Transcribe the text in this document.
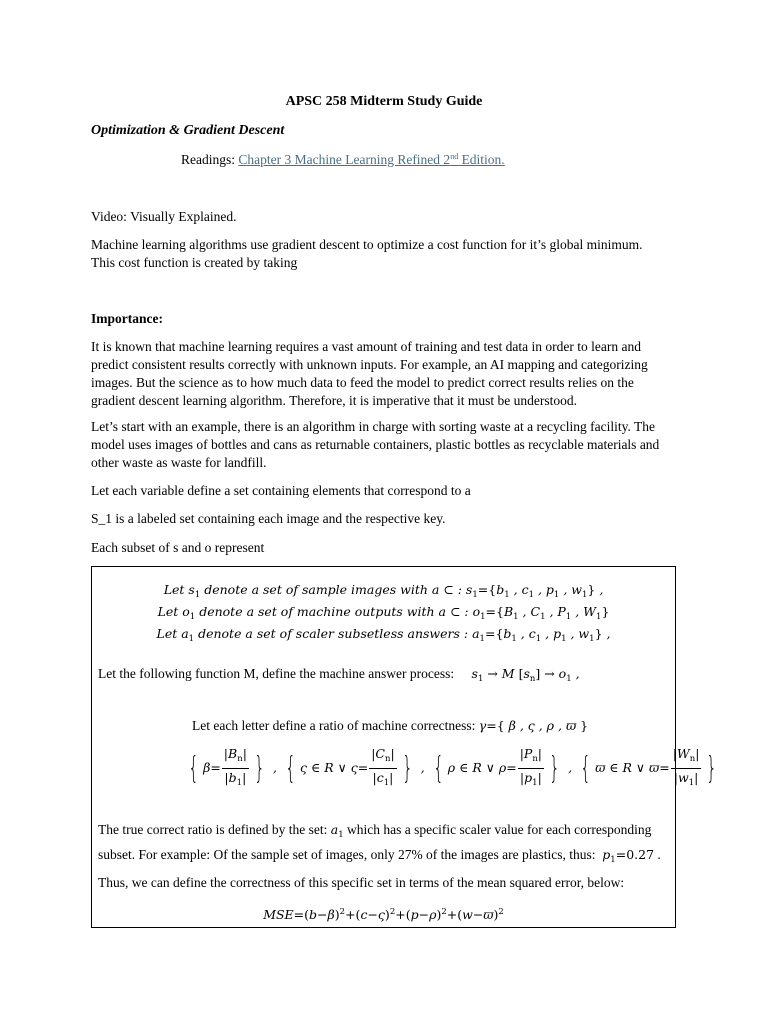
APSC 258 Midterm Study Guide
Optimization & Gradient Descent
Readings: Chapter 3 Machine Learning Refined 2nd Edition.
Video: Visually Explained.
Machine learning algorithms use gradient descent to optimize a cost function for it’s global minimum.
This cost function is created by taking
Importance:
It is known that machine learning requires a vast amount of training and test data in order to learn and predict consistent results correctly with unknown inputs. For example, an AI mapping and categorizing images. But the science as to how much data to feed the model to predict correct results relies on the gradient descent learning algorithm. Therefore, it is imperative that it must be understood.
Let’s start with an example, there is an algorithm in charge with sorting waste at a recycling facility. The model uses images of bottles and cans as returnable containers, plastic bottles as recyclable materials and other waste as waste for landfill.
Let each variable define a set containing elements that correspond to a
S_1 is a labeled set containing each image and the respective key.
Each subset of s and o represent
Let $s_1$ denote a set of sample images with a ⊂ : $s_1=\{b_1$ , $c_1$ , $p_1$ , $w_1$} ,
Let $o_1$ denote a set of machine outputs with a ⊂ : $o_1=\{B_1$ , $C_1$ , $P_1$ , $W_1$}
Let $a_1$ denote a set of scaler subsetless answers : $a_1=\{b_1$ , $c_1$ , $p_1$ , $w_1$} ,
Let the following function M, define the machine answer process: $s_1 \to M$ $[s_n] \to o_1$ ,
Let each letter define a ratio of machine correctness: γ={ β , ς , ρ , ϖ }
{ $\beta= \frac{|B_n|}{|b_1|}$ } , { ς ∈ R ∨ $\varsigma= \frac{|C_n|}{|c_1|}$ } , { ρ ∈ R ∨ $\rho= \frac{|P_n|}{|p_1|}$ } , { ϖ ∈ R ∨ $ϖ= \frac{|W_n|}{|w_1|}$ }
The true correct ratio is defined by the set: $a_1$ which has a specific scaler value for each corresponding
subset. For example: Of the sample set of images, only 27% of the images are plastics, thus: $p_1=0.27$ .
Thus, we can define the correctness of this specific set in terms of the mean squared error, below:
$MSE=(b-\beta)^2+(c-\varsigma)^2+(p-\rho)^2+(w-ϖ)^2$
